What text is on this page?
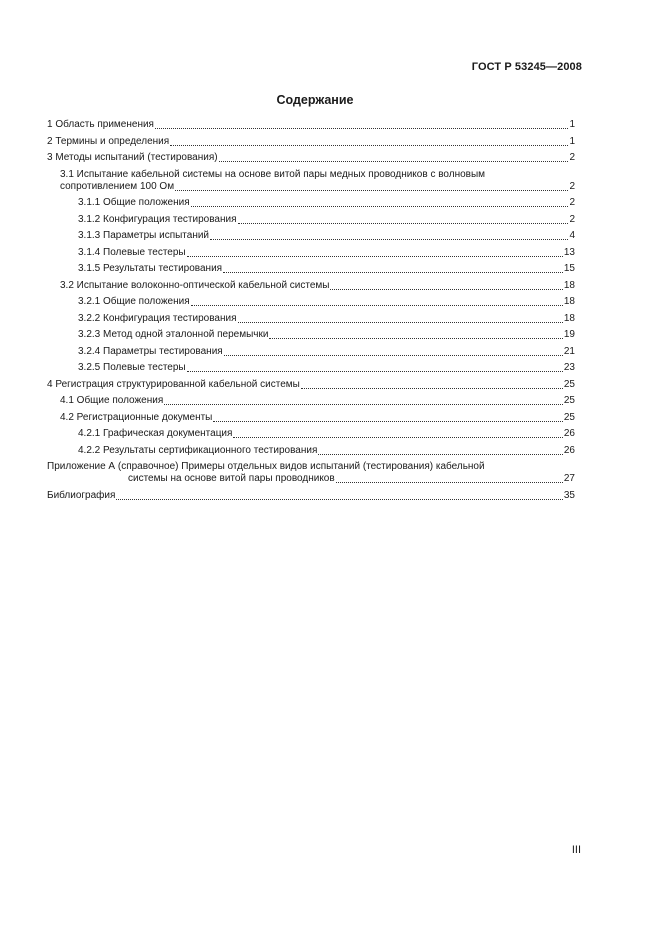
ГОСТ Р 53245—2008
Содержание
1 Область применения	1
2 Термины и определения	1
3 Методы испытаний (тестирования)	2
3.1 Испытание кабельной системы на основе витой пары медных проводников с волновым
сопротивлением 100 Ом	2
3.1.1 Общие положения	2
3.1.2 Конфигурация тестирования	2
3.1.3 Параметры испытаний	4
3.1.4 Полевые тестеры	13
3.1.5 Результаты тестирования	15
3.2 Испытание волоконно-оптической кабельной системы	18
3.2.1 Общие положения	18
3.2.2 Конфигурация тестирования	18
3.2.3 Метод одной эталонной перемычки	19
3.2.4 Параметры тестирования	21
3.2.5 Полевые тестеры	23
4 Регистрация структурированной кабельной системы	25
4.1 Общие положения	25
4.2 Регистрационные документы	25
4.2.1 Графическая документация	26
4.2.2 Результаты сертификационного тестирования	26
Приложение А (справочное) Примеры отдельных видов испытаний (тестирования) кабельной
системы на основе витой пары проводников	27
Библиография	35
III
